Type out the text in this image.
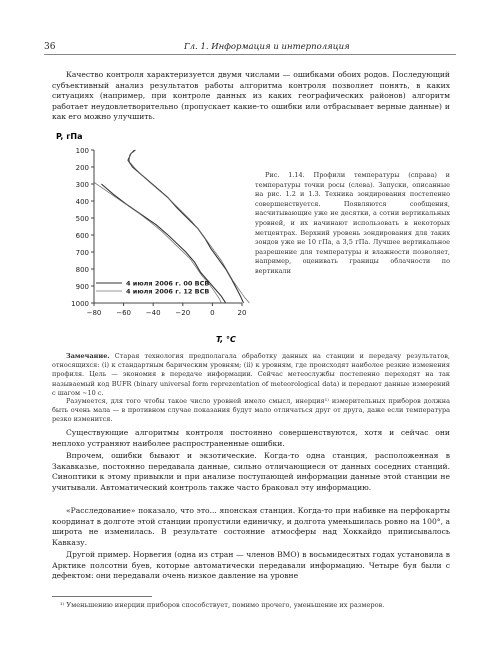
36	Гл. 1. Информация и интерполяция

Качество контроля характеризуется двумя числами — ошибками обоих родов. Последующий субъективный анализ результатов работы алгоритма контроля позволяет понять, в каких ситуациях (например, при контроле данных из каких географических районов) алгоритм работает неудовлетворительно (пропускает какие-то ошибки или отбрасывает верные данные) и как его можно улучшить.

P, гПа
100
200
300
400
500
600
700
800
900
1000
−80 −60 −40 −20	0	20
4 июля 2006 г. 00 ВСВ
4 июля 2006 г. 12 ВСВ
T, °C

Рис. 1.14. Профили температуры (справа) и температуры точки росы (слева). Запуски, описанные на рис. 1.2 и 1.3. Техника зондирования постепенно совершенствуется. Появляются сообщения, насчитывающие уже не десятки, а сотни вертикальных уровней, и их начинают использовать в некоторых метцентрах. Верхний уровень зондирования для таких зондов уже не 10 гПа, а 3,5 гПа. Лучшее вертикальное разрешение для температуры и влажности позволяет, например, оценивать границы облачности по вертикали

Замечание. Старая технология предполагала обработку данных на станции и передачу результатов, относящихся: (i) к стандартным барическим уровням; (ii) к уровням, где происходят наиболее резкие изменения профиля. Цель — экономия в передаче информации. Сейчас метеослужбы постепенно переходят на так называемый код BUFR (binary universal form reprezentation of meteorological data) и передают данные измерений с шагом ∼10 с.

Разумеется, для того чтобы такое число уровней имело смысл, инерция¹⁾ измерительных приборов должна быть очень мала — в противном случае показания будут мало отличаться друг от друга, даже если температура резко изменится.

Существующие алгоритмы контроля постоянно совершенствуются, хотя и сейчас они неплохо устраняют наиболее распространенные ошибки.

Впрочем, ошибки бывают и экзотические. Когда-то одна станция, расположенная в Закавказье, постоянно передавала данные, сильно отличающиеся от данных соседних станций. Синоптики к этому привыкли и при анализе поступающей информации данные этой станции не учитывали. Автоматический контроль также часто браковал эту информацию.

«Расследование» показало, что это... японская станция. Когда-то при набивке на перфокарты координат в долготе этой станции пропустили единичку, и долгота уменьшилась ровно на 100°, а широта не изменилась. В результате состояние атмосферы над Хоккайдо приписывалось Кавказу.

Другой пример. Норвегия (одна из стран — членов ВМО) в восьмидесятых годах установила в Арктике полсотни буев, которые автоматически передавали информацию. Четыре буя были с дефектом: они передавали очень низкое давление на уровне

¹⁾ Уменьшению инерции приборов способствует, помимо прочего, уменьшение их размеров.
